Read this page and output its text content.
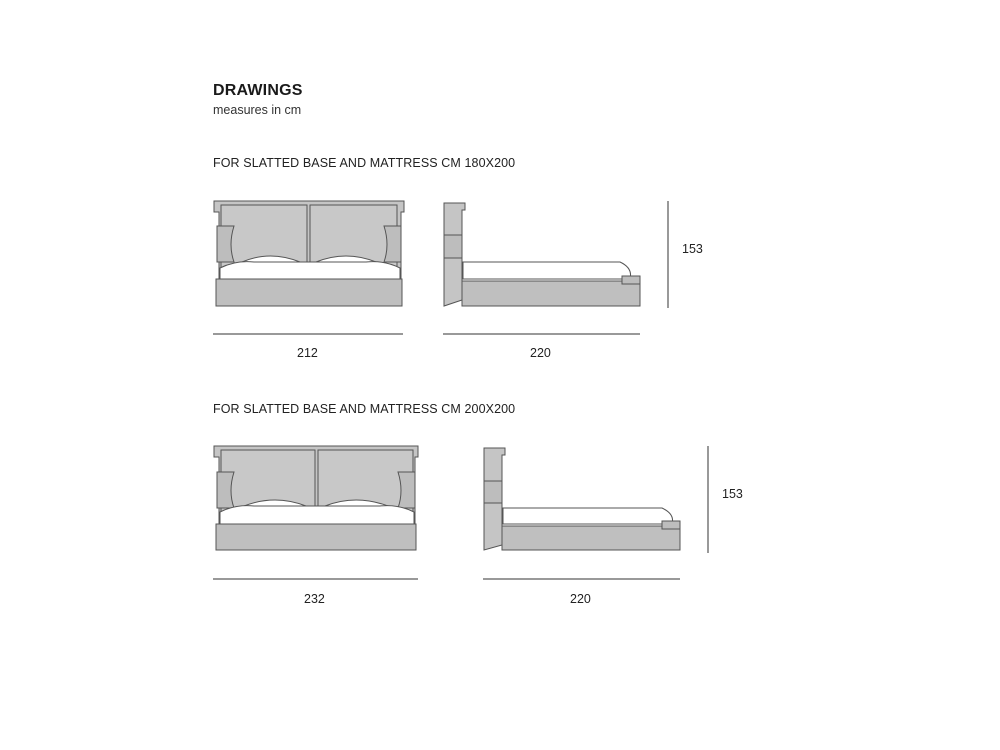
DRAWINGS
measures in cm
FOR SLATTED BASE AND MATTRESS CM 180X200
212	220
153
FOR SLATTED BASE AND MATTRESS CM 200X200
232	220
153
